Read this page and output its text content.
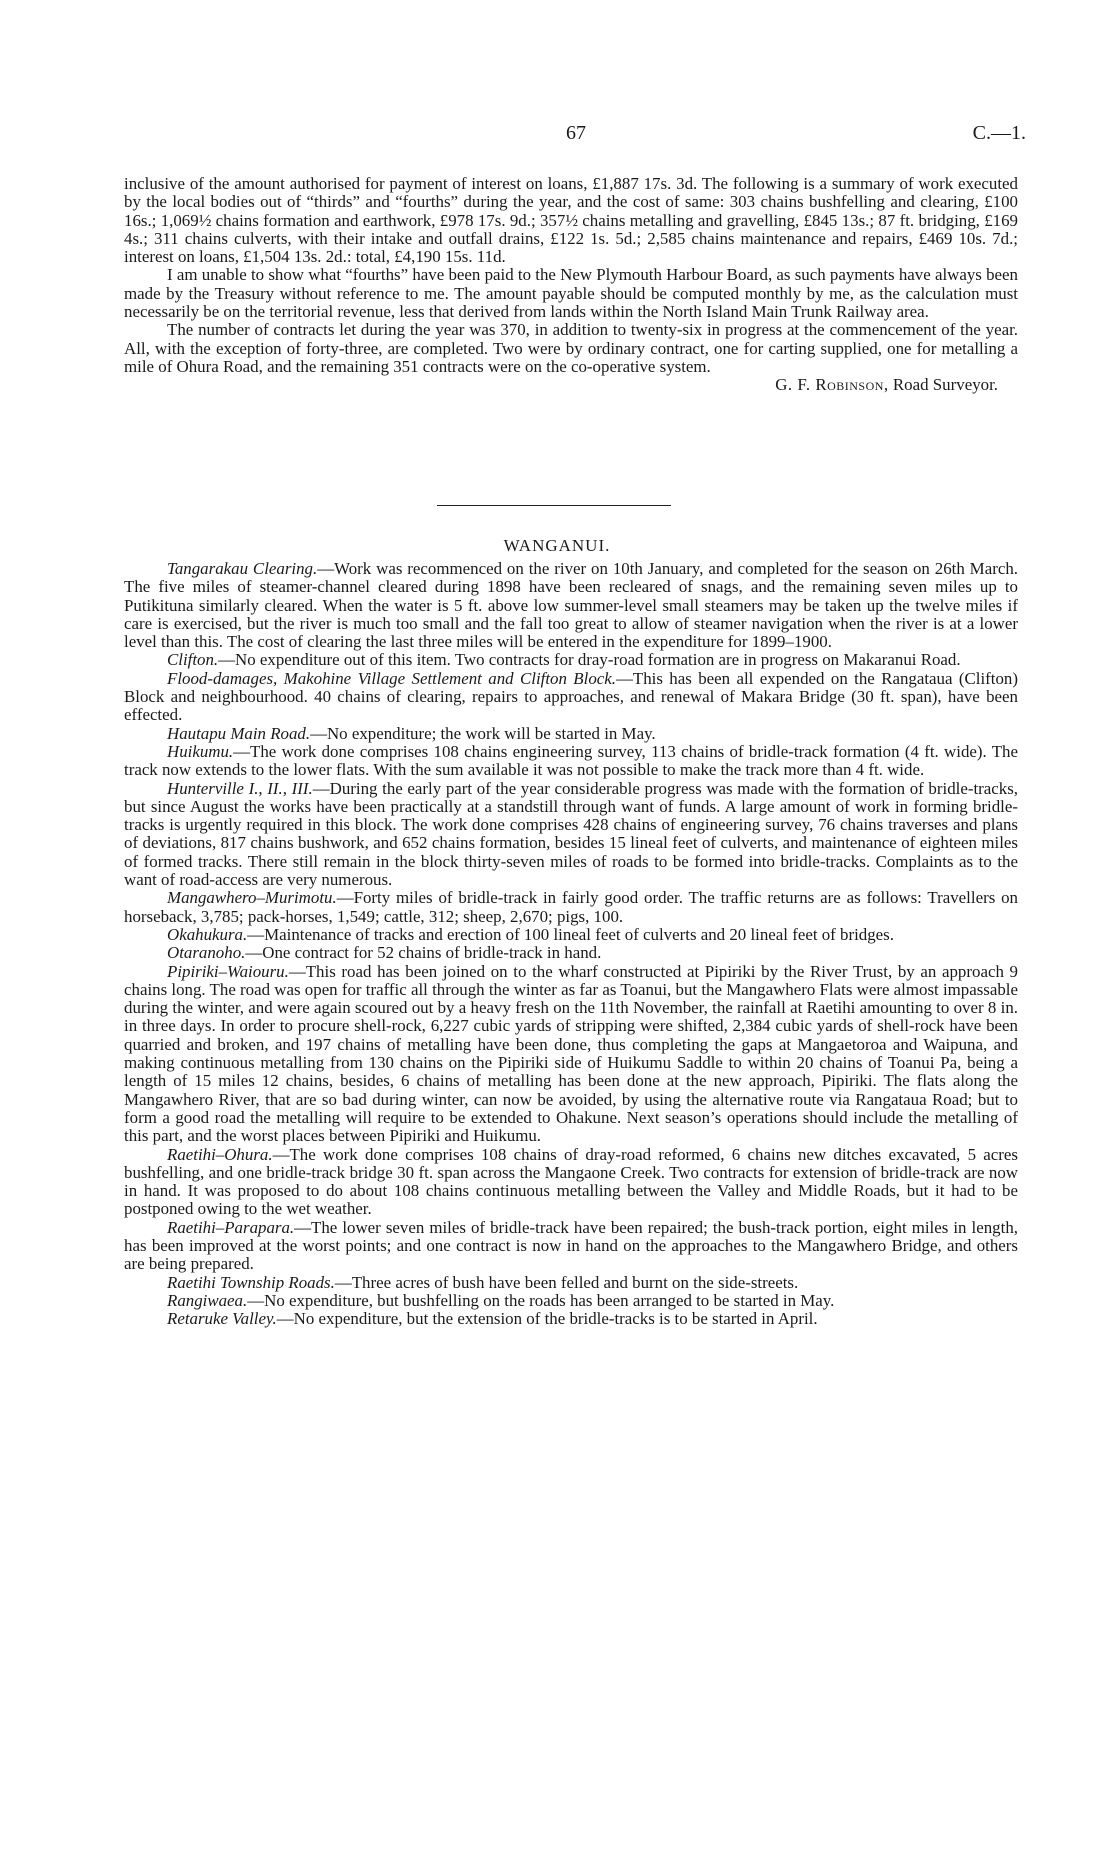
67	C.—1.

inclusive of the amount authorised for payment of interest on loans, £1,887 17s. 3d. The following is a summary of work executed by the local bodies out of “thirds” and “fourths” during the year, and the cost of same: 303 chains bushfelling and clearing, £100 16s.; 1,069½ chains formation and earthwork, £978 17s. 9d.; 357½ chains metalling and gravelling, £845 13s.; 87 ft. bridging, £169 4s.; 311 chains culverts, with their intake and outfall drains, £122 1s. 5d.; 2,585 chains maintenance and repairs, £469 10s. 7d.; interest on loans, £1,504 13s. 2d.: total, £4,190 15s. 11d.

I am unable to show what “fourths” have been paid to the New Plymouth Harbour Board, as such payments have always been made by the Treasury without reference to me. The amount payable should be computed monthly by me, as the calculation must necessarily be on the territorial revenue, less that derived from lands within the North Island Main Trunk Railway area.

The number of contracts let during the year was 370, in addition to twenty-six in progress at the commencement of the year. All, with the exception of forty-three, are completed. Two were by ordinary contract, one for carting supplied, one for metalling a mile of Ohura Road, and the remaining 351 contracts were on the co-operative system.

G. F. Robinson, Road Surveyor.
WANGANUI.

Tangarakau Clearing.—Work was recommenced on the river on 10th January, and completed for the season on 26th March. The five miles of steamer-channel cleared during 1898 have been recleared of snags, and the remaining seven miles up to Putikituna similarly cleared. When the water is 5 ft. above low summer-level small steamers may be taken up the twelve miles if care is exercised, but the river is much too small and the fall too great to allow of steamer navigation when the river is at a lower level than this. The cost of clearing the last three miles will be entered in the expenditure for 1899–1900.

Clifton.—No expenditure out of this item. Two contracts for dray-road formation are in progress on Makaranui Road.

Flood-damages, Makohine Village Settlement and Clifton Block.—This has been all expended on the Rangataua (Clifton) Block and neighbourhood. 40 chains of clearing, repairs to approaches, and renewal of Makara Bridge (30 ft. span), have been effected.

Hautapu Main Road.—No expenditure; the work will be started in May.

Huikumu.—The work done comprises 108 chains engineering survey, 113 chains of bridle-track formation (4 ft. wide). The track now extends to the lower flats. With the sum available it was not possible to make the track more than 4 ft. wide.

Hunterville I., II., III.—During the early part of the year considerable progress was made with the formation of bridle-tracks, but since August the works have been practically at a standstill through want of funds. A large amount of work in forming bridle-tracks is urgently required in this block. The work done comprises 428 chains of engineering survey, 76 chains traverses and plans of deviations, 817 chains bushwork, and 652 chains formation, besides 15 lineal feet of culverts, and maintenance of eighteen miles of formed tracks. There still remain in the block thirty-seven miles of roads to be formed into bridle-tracks. Complaints as to the want of road-access are very numerous.

Mangawhero–Murimotu.—Forty miles of bridle-track in fairly good order. The traffic returns are as follows: Travellers on horseback, 3,785; pack-horses, 1,549; cattle, 312; sheep, 2,670; pigs, 100.

Okahukura.—Maintenance of tracks and erection of 100 lineal feet of culverts and 20 lineal feet of bridges.

Otaranoho.—One contract for 52 chains of bridle-track in hand.

Pipiriki–Waiouru.—This road has been joined on to the wharf constructed at Pipiriki by the River Trust, by an approach 9 chains long. The road was open for traffic all through the winter as far as Toanui, but the Mangawhero Flats were almost impassable during the winter, and were again scoured out by a heavy fresh on the 11th November, the rainfall at Raetihi amounting to over 8 in. in three days. In order to procure shell-rock, 6,227 cubic yards of stripping were shifted, 2,384 cubic yards of shell-rock have been quarried and broken, and 197 chains of metalling have been done, thus completing the gaps at Mangaetoroa and Waipuna, and making continuous metalling from 130 chains on the Pipiriki side of Huikumu Saddle to within 20 chains of Toanui Pa, being a length of 15 miles 12 chains, besides, 6 chains of metalling has been done at the new approach, Pipiriki. The flats along the Mangawhero River, that are so bad during winter, can now be avoided, by using the alternative route via Rangataua Road; but to form a good road the metalling will require to be extended to Ohakune. Next season’s operations should include the metalling of this part, and the worst places between Pipiriki and Huikumu.

Raetihi–Ohura.—The work done comprises 108 chains of dray-road reformed, 6 chains new ditches excavated, 5 acres bushfelling, and one bridle-track bridge 30 ft. span across the Mangaone Creek. Two contracts for extension of bridle-track are now in hand. It was proposed to do about 108 chains continuous metalling between the Valley and Middle Roads, but it had to be postponed owing to the wet weather.

Raetihi–Parapara.—The lower seven miles of bridle-track have been repaired; the bush-track portion, eight miles in length, has been improved at the worst points; and one contract is now in hand on the approaches to the Mangawhero Bridge, and others are being prepared.

Raetihi Township Roads.—Three acres of bush have been felled and burnt on the side-streets.

Rangiwaea.—No expenditure, but bushfelling on the roads has been arranged to be started in May.

Retaruke Valley.—No expenditure, but the extension of the bridle-tracks is to be started in April.
